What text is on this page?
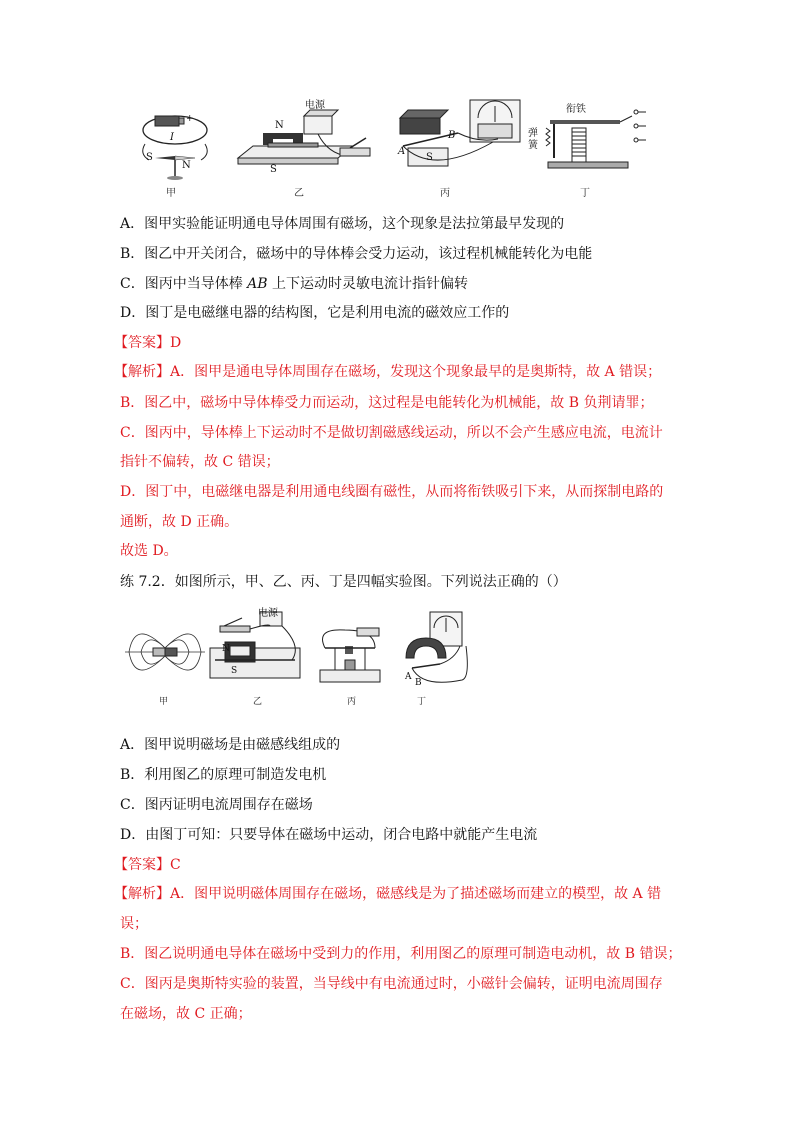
I
S
N
+
电源
N
S
A
B
S
衔铁
弹簧
甲	乙	丙	丁
A．图甲实验能证明通电导体周围有磁场，这个现象是法拉第最早发现的
B．图乙中开关闭合，磁场中的导体棒会受力运动，该过程机械能转化为电能
C．图丙中当导体棒 AB 上下运动时灵敏电流计指针偏转
D．图丁是电磁继电器的结构图，它是利用电流的磁效应工作的
【答案】D
【解析】A．图甲是通电导体周围存在磁场，发现这个现象最早的是奥斯特，故 A 错误；
B．图乙中，磁场中导体棒受力而运动，这过程是电能转化为机械能，故 B 负荆请罪；
C．图丙中，导体棒上下运动时不是做切割磁感线运动，所以不会产生感应电流，电流计
指针不偏转，故 C 错误；
D．图丁中，电磁继电器是利用通电线圈有磁性，从而将衔铁吸引下来，从而探制电路的
通断，故 D 正确。
故选 D。
练 7.2．如图所示，甲、乙、丙、丁是四幅实验图。下列说法正确的（）
电源
N
S
A
B
甲	乙	丙	丁
A．图甲说明磁场是由磁感线组成的
B．利用图乙的原理可制造发电机
C．图丙证明电流周围存在磁场
D．由图丁可知：只要导体在磁场中运动，闭合电路中就能产生电流
【答案】C
【解析】A．图甲说明磁体周围存在磁场，磁感线是为了描述磁场而建立的模型，故 A 错
误；
B．图乙说明通电导体在磁场中受到力的作用，利用图乙的原理可制造电动机，故 B 错误；
C．图丙是奥斯特实验的装置，当导线中有电流通过时，小磁针会偏转，证明电流周围存
在磁场，故 C 正确；
